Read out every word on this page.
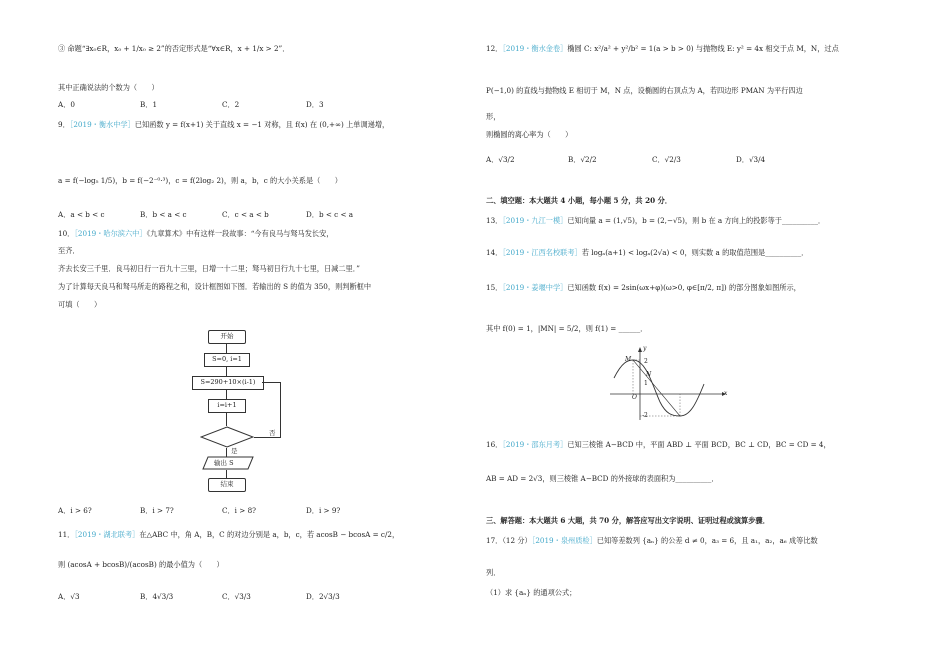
③ 命题“∃x₀∈R，x₀ + 1/x₀ ≥ 2”的否定形式是“∀x∈R，x + 1/x > 2”．
其中正确说法的个数为（　　）
A．0	B．1	C．2	D．3
9．［2019・衡水中学］已知函数 y = f(x+1) 关于直线 x = −1 对称，且 f(x) 在 (0,+∞) 上单调递增，
a = f(−log₅ 1/5)，b = f(−2⁻⁰·³)，c = f(2log₂ 2)，则 a，b，c 的大小关系是（　　）
A．a < b < c	B．b < a < c	C．c < a < b	D．b < c < a
10．［2019・哈尔滨六中］《九章算术》中有这样一段故事：“今有良马与驽马发长安，
至齐．
齐去长安三千里．良马初日行一百九十三里，日增一十二里；驽马初日行九十七里，日减二里．”
为了计算每天良马和驽马所走的路程之和，设计框图如下图．若输出的 S 的值为 350，则判断框中
可填（　　）
开始
S=0, i=1
S=290+10×(i-1)
i=i+1
否
是
输出 S
结束
A．i > 6?	B．i > 7?	C．i > 8?	D．i > 9?
11．［2019・湖北联考］在△ABC 中，角 A，B，C 的对边分别是 a，b，c，若 acosB − bcosA = c/2，
则 (acosA + bcosB)/(acosB) 的最小值为（　　）
A．√3	B．4√3/3	C．√3/3	D．2√3/3
12．［2019・衡水金卷］椭圆 C: x²/a² + y²/b² = 1(a > b > 0) 与抛物线 E: y² = 4x 相交于点 M，N，过点
P(−1,0) 的直线与抛物线 E 相切于 M，N 点，设椭圆的右顶点为 A，若四边形 PMAN 为平行四边
形，
则椭圆的离心率为（　　）
A．√3/2	B．√2/2	C．√2/3	D．√3/4
二、填空题：本大题共 4 小题，每小题 5 分，共 20 分．
13．［2019・九江一模］已知向量 a = (1,√5)，b = (2,−√5)，则 b 在 a 方向上的投影等于__________．
14．［2019・江西名校联考］若 logₐ(a+1) < logₐ(2√a) < 0，则实数 a 的取值范围是__________．
15．［2019・姜堰中学］已知函数 f(x) = 2sin(ωx+φ)(ω>0, φ∈[π/2, π]) 的部分图象如图所示，
其中 f(0) = 1，|MN| = 5/2，则 f(1) = ______．
y
x
O
M
N
2
1
-2
16．［2019・邵东月考］已知三棱锥 A−BCD 中，平面 ABD ⊥ 平面 BCD，BC ⊥ CD，BC = CD = 4，
AB = AD = 2√3，则三棱锥 A−BCD 的外接球的表面积为__________．
三、解答题：本大题共 6 大题，共 70 分，解答应写出文字说明、证明过程或演算步骤．
17．（12 分）［2019・泉州质检］已知等差数列 {aₙ} 的公差 d ≠ 0，a₃ = 6，且 a₁，a₂，a₆ 成等比数
列．
（1）求 {aₙ} 的通项公式；
